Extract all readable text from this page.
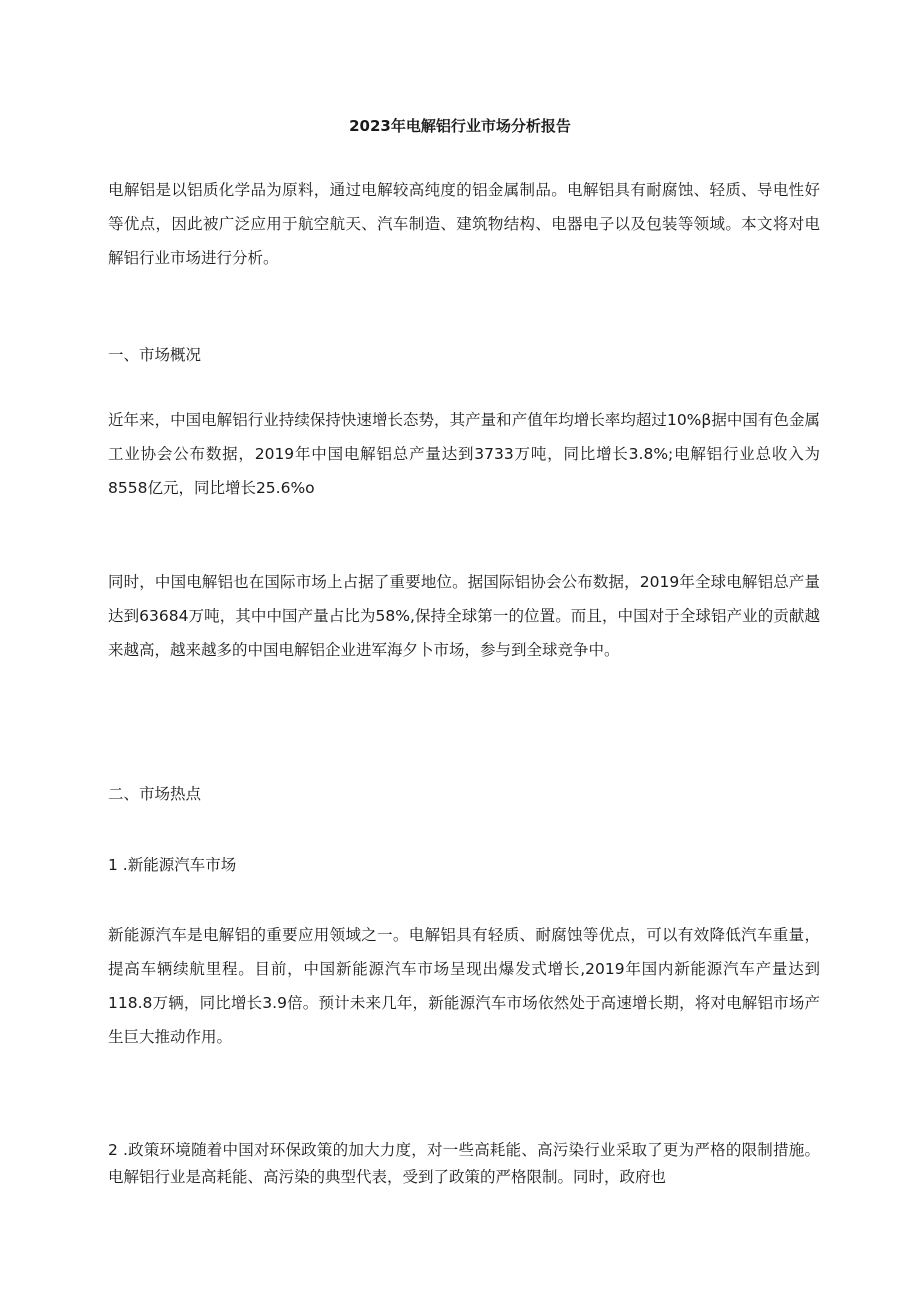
2023年电解铝行业市场分析报告

电解铝是以铝质化学品为原料，通过电解较高纯度的铝金属制品。电解铝具有耐腐蚀、轻质、导电性好等优点，因此被广泛应用于航空航天、汽车制造、建筑物结构、电器电子以及包装等领域。本文将对电解铝行业市场进行分析。

一、市场概况

近年来，中国电解铝行业持续保持快速增长态势，其产量和产值年均增长率均超过10%β据中国有色金属工业协会公布数据，2019年中国电解铝总产量达到3733万吨，同比增长3.8%;电解铝行业总收入为8558亿元，同比增长25.6%o

同时，中国电解铝也在国际市场上占据了重要地位。据国际铝协会公布数据，2019年全球电解铝总产量达到63684万吨，其中中国产量占比为58%,保持全球第一的位置。而且，中国对于全球铝产业的贡献越来越高，越来越多的中国电解铝企业进军海夕卜市场，参与到全球竞争中。

二、市场热点
1 .新能源汽车市场

新能源汽车是电解铝的重要应用领域之一。电解铝具有轻质、耐腐蚀等优点，可以有效降低汽车重量，提高车辆续航里程。目前，中国新能源汽车市场呈现出爆发式增长,2019年国内新能源汽车产量达到118.8万辆，同比增长3.9倍。预计未来几年，新能源汽车市场依然处于高速增长期，将对电解铝市场产生巨大推动作用。

2 .政策环境随着中国对环保政策的加大力度，对一些高耗能、高污染行业采取了更为严格的限制措施。电解铝行业是高耗能、高污染的典型代表，受到了政策的严格限制。同时，政府也
